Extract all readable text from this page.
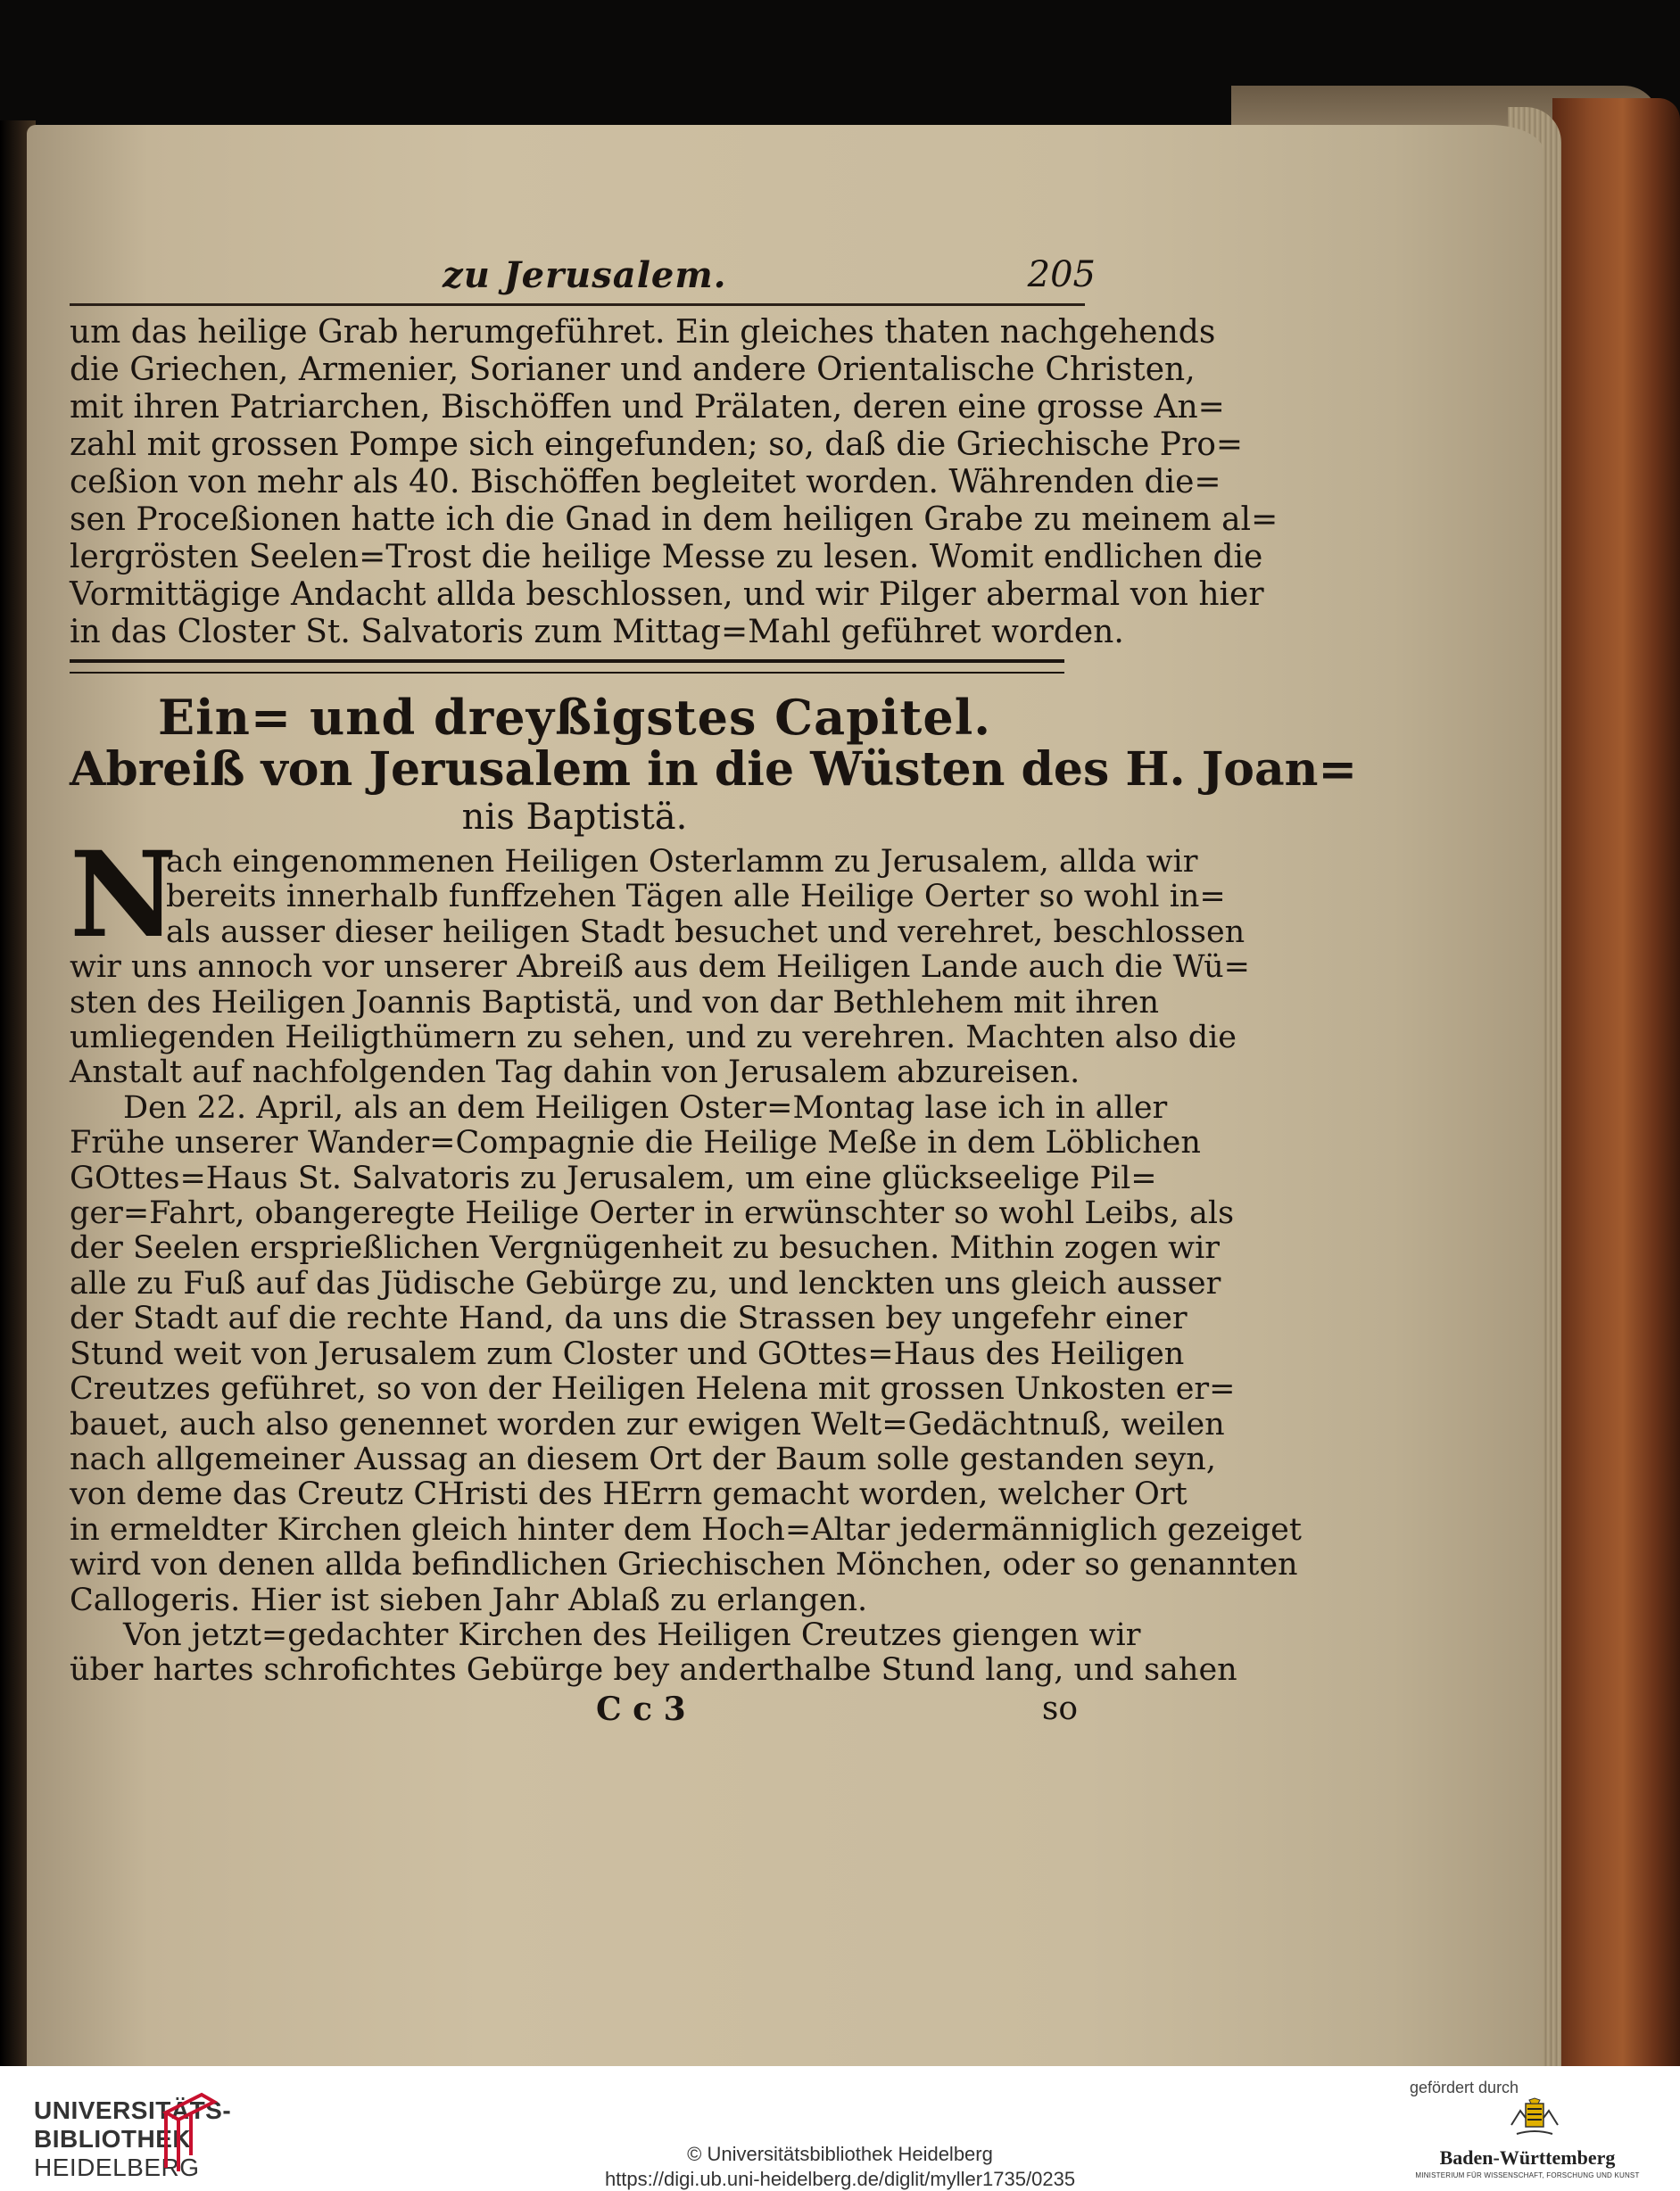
zu Jerusalem.	205
um das heilige Grab herumgeführet. Ein gleiches thaten nachgehends
die Griechen, Armenier, Sorianer und andere Orientalische Christen,
mit ihren Patriarchen, Bischöffen und Prälaten, deren eine grosse An=
zahl mit grossen Pompe sich eingefunden; so, daß die Griechische Pro=
ceßion von mehr als 40. Bischöffen begleitet worden. Währenden die=
sen Proceßionen hatte ich die Gnad in dem heiligen Grabe zu meinem al=
lergrösten Seelen=Trost die heilige Messe zu lesen. Womit endlichen die
Vormittägige Andacht allda beschlossen, und wir Pilger abermal von hier
in das Closter St. Salvatoris zum Mittag=Mahl geführet worden.
Ein= und dreyßigstes Capitel.
Abreiß von Jerusalem in die Wüsten des H. Joan=
nis Baptistä.
N
ach eingenommenen Heiligen Osterlamm zu Jerusalem, allda wir
bereits innerhalb funffzehen Tägen alle Heilige Oerter so wohl in=
als ausser dieser heiligen Stadt besuchet und verehret, beschlossen
wir uns annoch vor unserer Abreiß aus dem Heiligen Lande auch die Wü=
sten des Heiligen Joannis Baptistä, und von dar Bethlehem mit ihren
umliegenden Heiligthümern zu sehen, und zu verehren. Machten also die
Anstalt auf nachfolgenden Tag dahin von Jerusalem abzureisen.
Den 22. April, als an dem Heiligen Oster=Montag lase ich in aller
Frühe unserer Wander=Compagnie die Heilige Meße in dem Löblichen
GOttes=Haus St. Salvatoris zu Jerusalem, um eine glückseelige Pil=
ger=Fahrt, obangeregte Heilige Oerter in erwünschter so wohl Leibs, als
der Seelen ersprießlichen Vergnügenheit zu besuchen. Mithin zogen wir
alle zu Fuß auf das Jüdische Gebürge zu, und lenckten uns gleich ausser
der Stadt auf die rechte Hand, da uns die Strassen bey ungefehr einer
Stund weit von Jerusalem zum Closter und GOttes=Haus des Heiligen
Creutzes geführet, so von der Heiligen Helena mit grossen Unkosten er=
bauet, auch also genennet worden zur ewigen Welt=Gedächtnuß, weilen
nach allgemeiner Aussag an diesem Ort der Baum solle gestanden seyn,
von deme das Creutz CHristi des HErrn gemacht worden, welcher Ort
in ermeldter Kirchen gleich hinter dem Hoch=Altar jedermänniglich gezeiget
wird von denen allda befindlichen Griechischen Mönchen, oder so genannten
Callogeris. Hier ist sieben Jahr Ablaß zu erlangen.
Von jetzt=gedachter Kirchen des Heiligen Creutzes giengen wir
über hartes schrofichtes Gebürge bey anderthalbe Stund lang, und sahen
C c 3	so
UNIVERSITÄTS-
BIBLIOTHEK
HEIDELBERG	© Universitätsbibliothek Heidelberg
https://digi.ub.uni-heidelberg.de/diglit/myller1735/0235
gefördert durch
Baden-Württemberg
MINISTERIUM FÜR WISSENSCHAFT, FORSCHUNG UND KUNST
